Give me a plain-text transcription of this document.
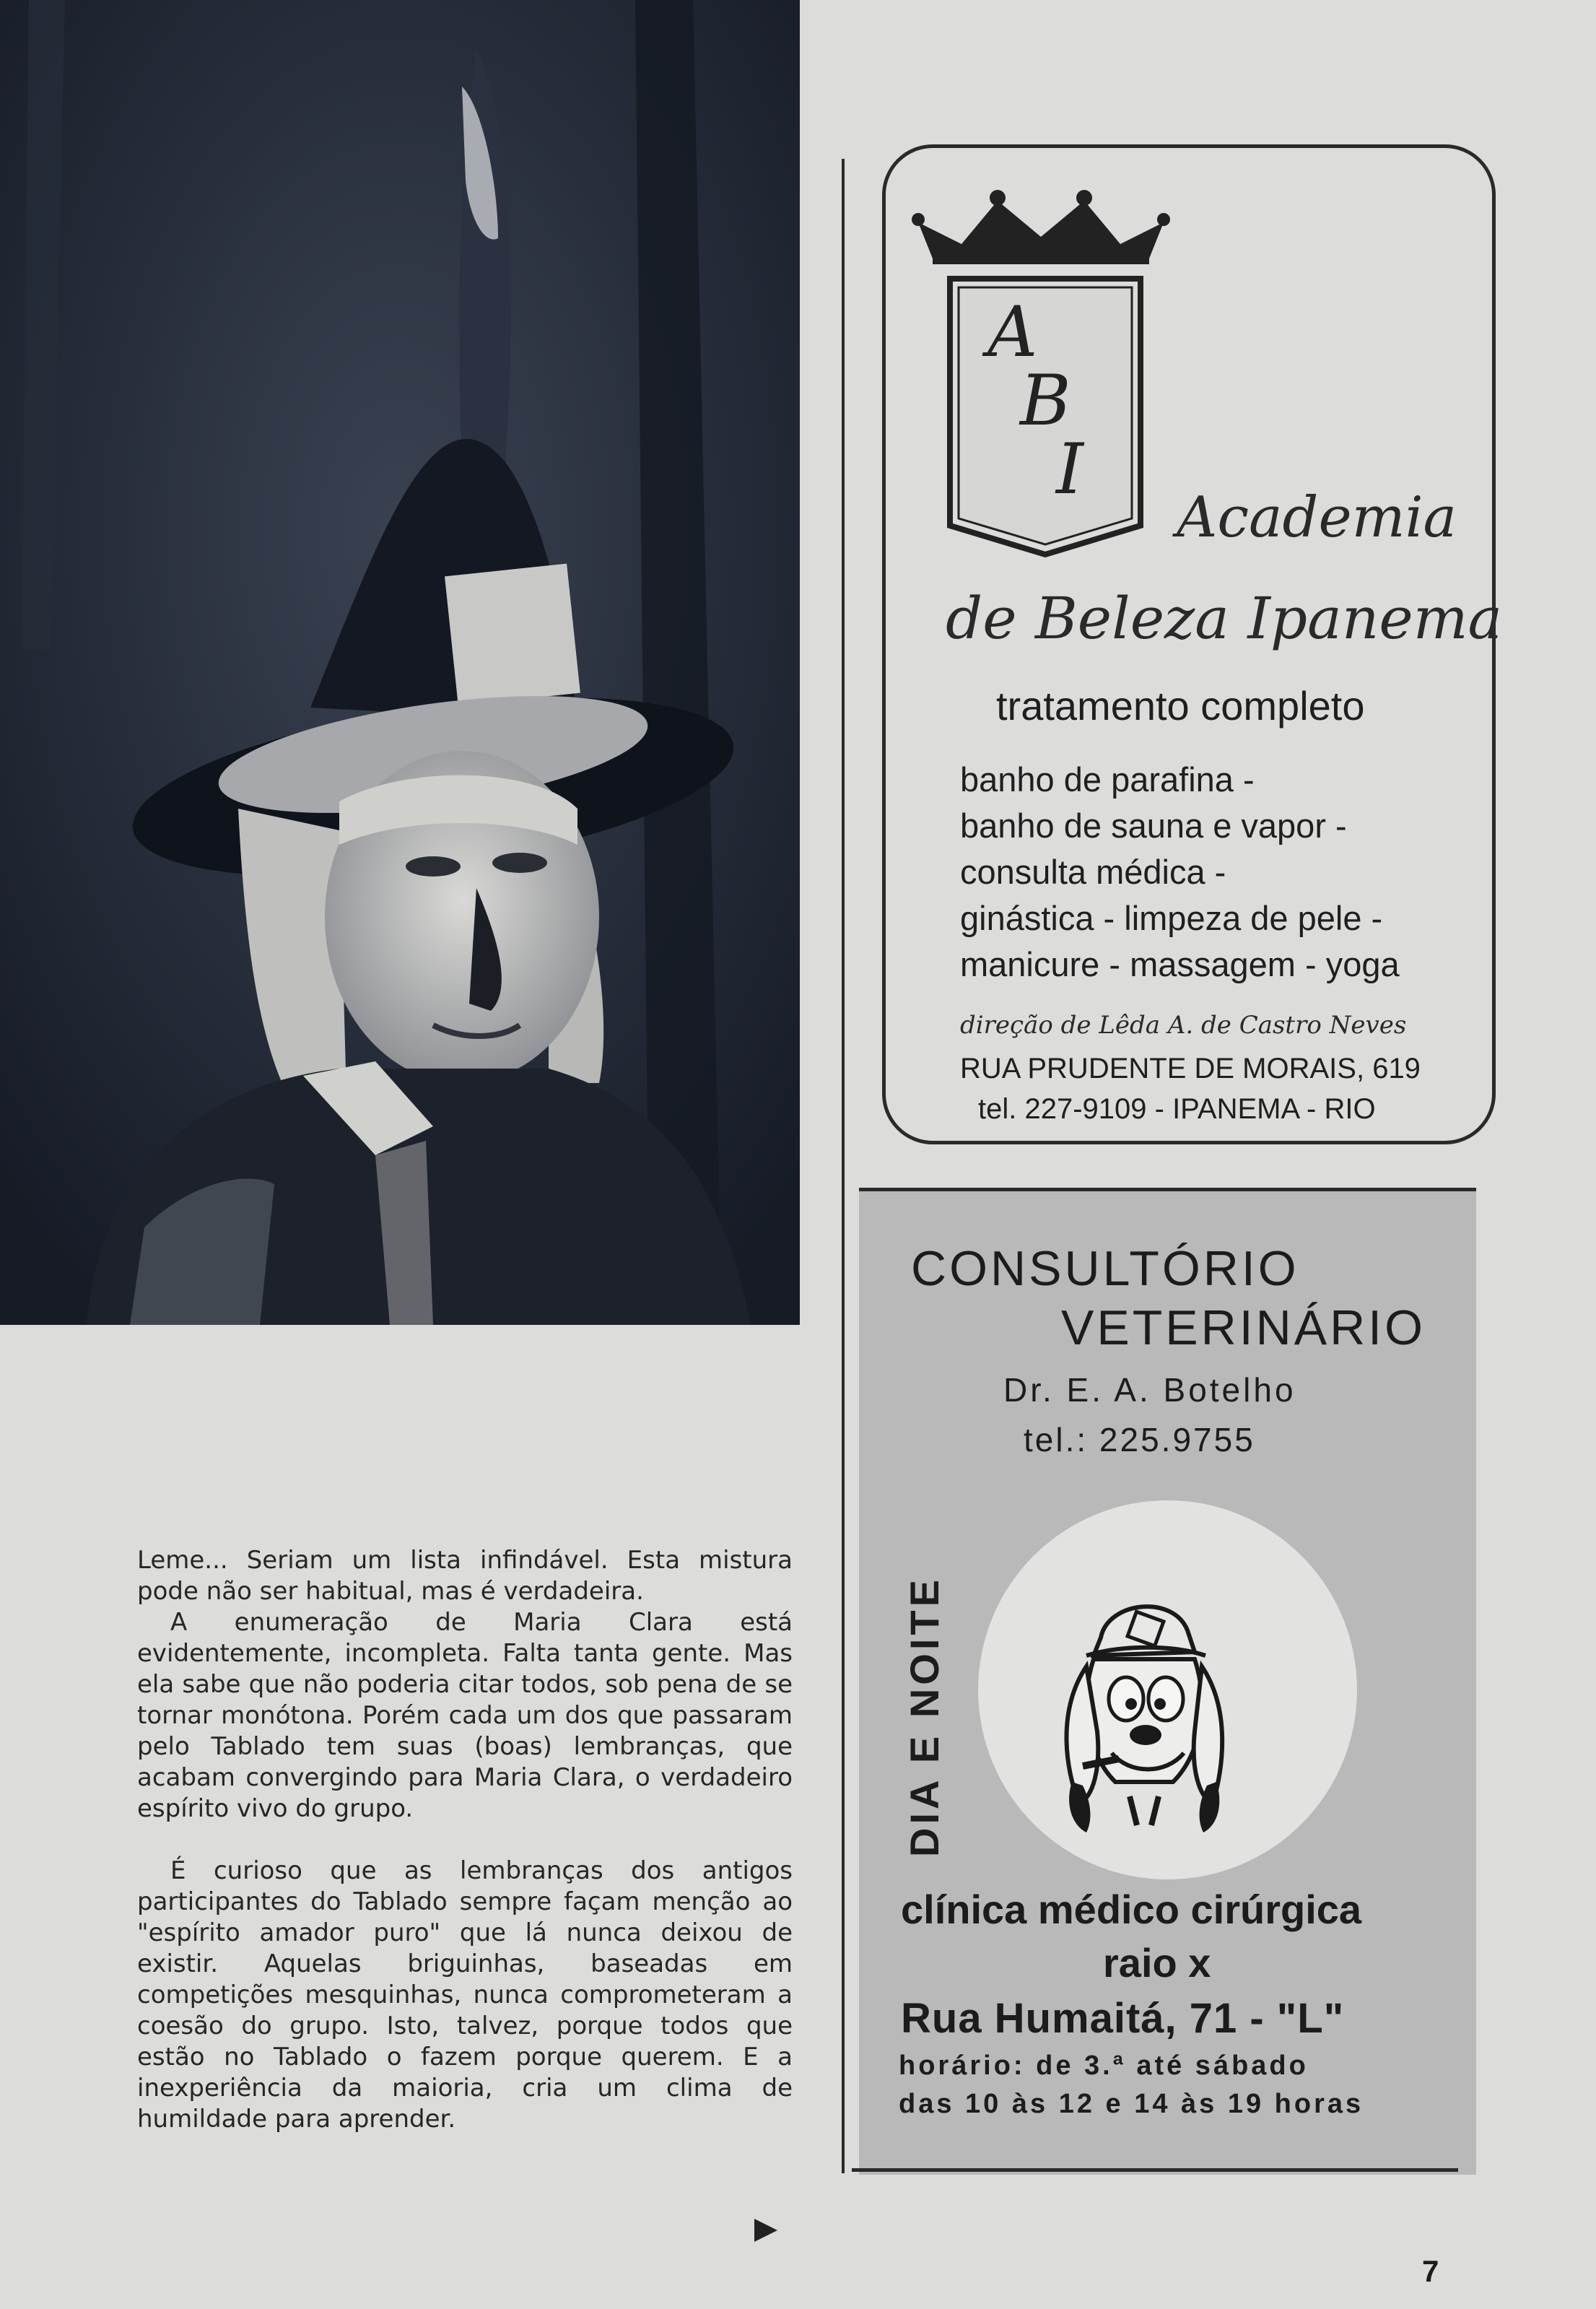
Leme... Seriam um lista infindável. Esta mistura pode não ser habitual, mas é verdadeira.

A enumeração de Maria Clara está evidentemente, incompleta. Falta tanta gente. Mas ela sabe que não poderia citar todos, sob pena de se tornar monótona. Porém cada um dos que passaram pelo Tablado tem suas (boas) lembranças, que acabam convergindo para Maria Clara, o verdadeiro espírito vivo do grupo.

É curioso que as lembranças dos antigos participantes do Tablado sempre façam menção ao "espírito amador puro" que lá nunca deixou de existir. Aquelas briguinhas, baseadas em competições mesquinhas, nunca comprometeram a coesão do grupo. Isto, talvez, porque todos que estão no Tablado o fazem porque querem. E a inexperiência da maioria, cria um clima de humildade para aprender.

A
B
I
Academia
de Beleza Ipanema
tratamento completo
banho de parafina -
banho de sauna e vapor -
consulta médica -
ginástica - limpeza de pele -
manicure - massagem - yoga
direção de Lêda A. de Castro Neves
RUA PRUDENTE DE MORAIS, 619
tel. 227-9109 - IPANEMA - RIO
CONSULTÓRIO
VETERINÁRIO
Dr. E. A. Botelho
tel.: 225.9755
DIA E NOITE
clínica médico cirúrgica
raio x
Rua Humaitá, 71 - "L"
horário: de 3.ª até sábado
das 10 às 12 e 14 às 19 horas
7
